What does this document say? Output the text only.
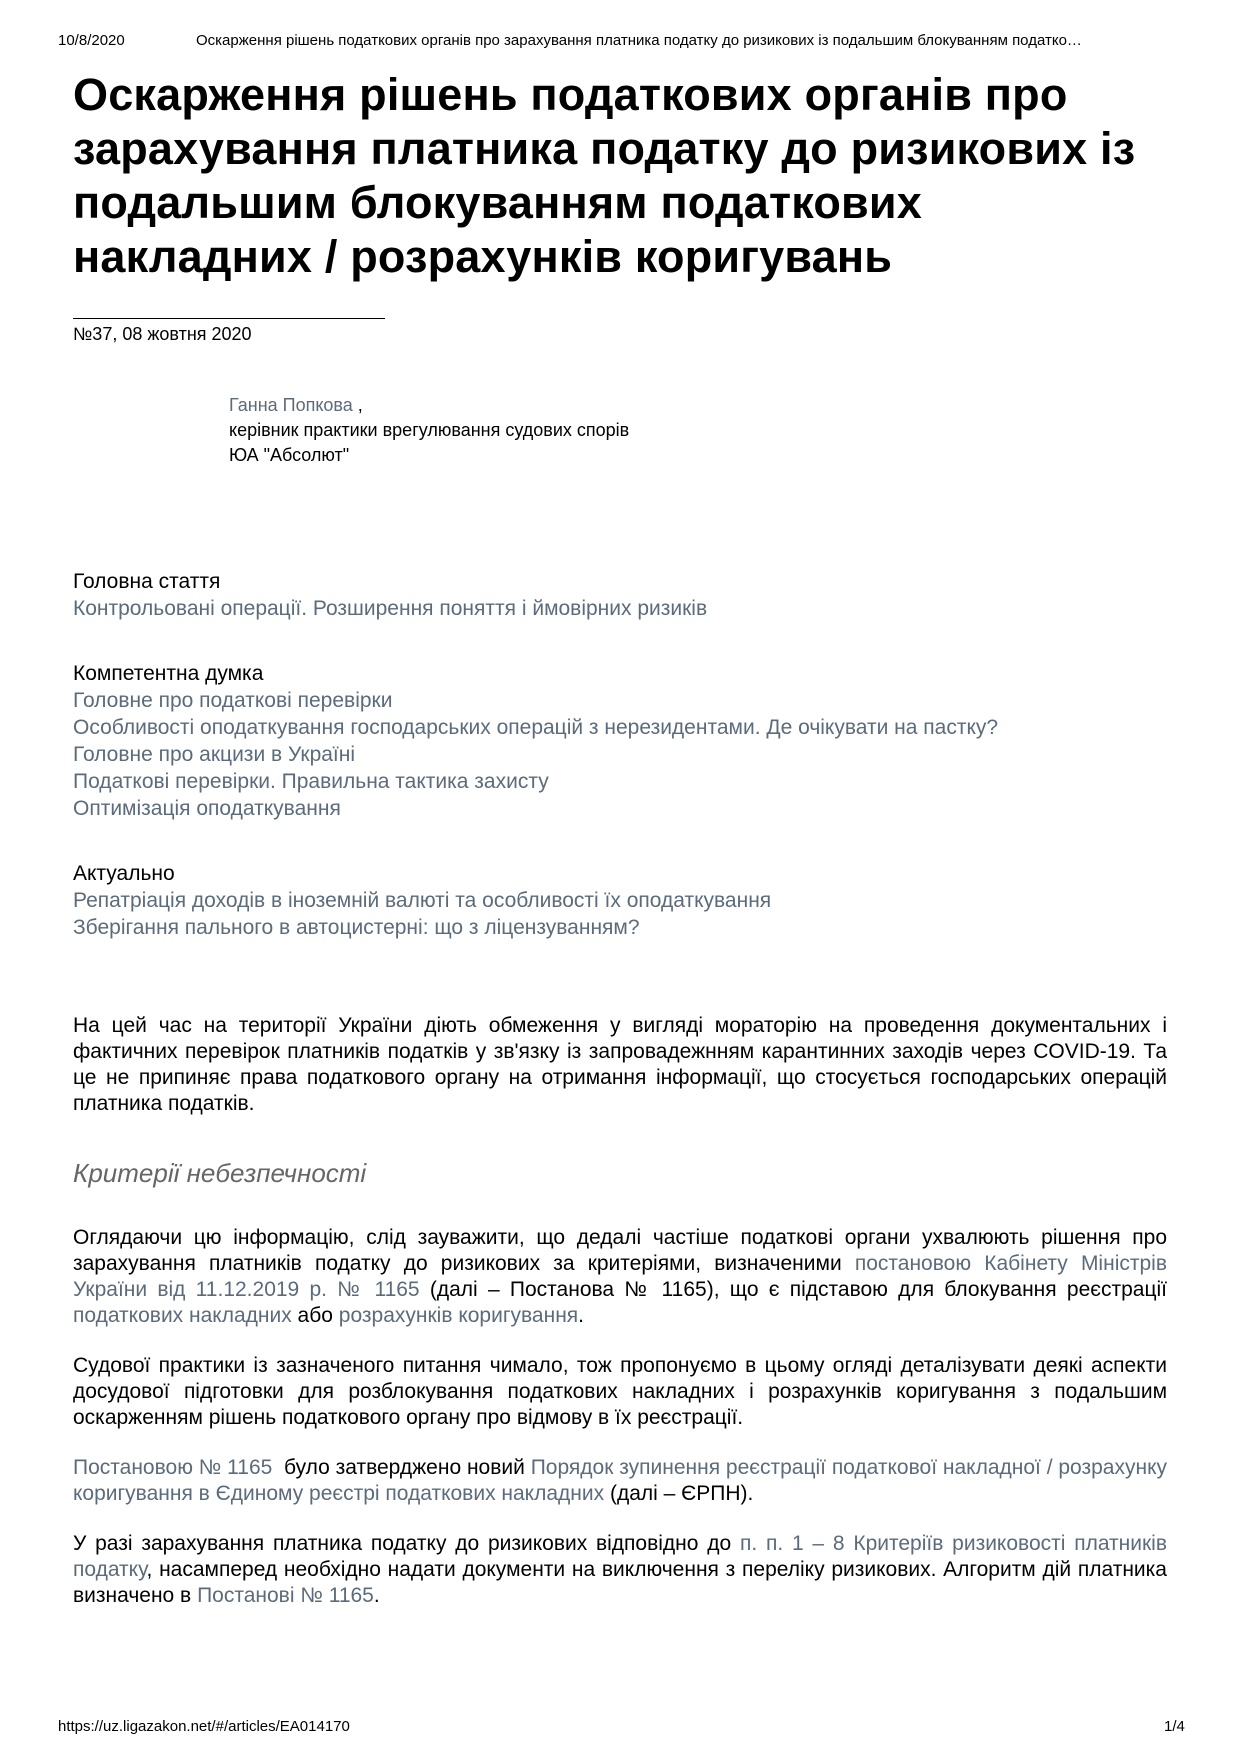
10/8/2020	Оскарження рішень податкових органів про зарахування платника податку до ризикових із подальшим блокуванням податко…
Оскарження рішень податкових органів про зарахування платника податку до ризикових із подальшим блокуванням податкових накладних / розрахунків коригувань
№37, 08 жовтня 2020
Ганна Попкова ,
керівник практики врегулювання судових спорів
ЮА "Абсолют"
Головна стаття
Контрольовані операції. Розширення поняття і ймовірних ризиків
Компетентна думка
Головне про податкові перевірки
Особливості оподаткування господарських операцій з нерезидентами. Де очікувати на пастку?
Головне про акцизи в Україні
Податкові перевірки. Правильна тактика захисту
Оптимізація оподаткування
Актуально
Репатріація доходів в іноземній валюті та особливості їх оподаткування
Зберігання пального в автоцистерні: що з ліцензуванням?

На цей час на території України діють обмеження у вигляді мораторію на проведення документальних і фактичних перевірок платників податків у зв'язку із запровадежнням карантинних заходів через COVID-19. Та це не припиняє права податкового органу на отримання інформації, що стосується господарських операцій платника податків.

Критерії небезпечності

Оглядаючи цю інформацію, слід зауважити, що дедалі частіше податкові органи ухвалюють рішення про зарахування платників податку до ризикових за критеріями, визначеними постановою Кабінету Міністрів України від 11.12.2019 р. № 1165 (далі – Постанова № 1165), що є підставою для блокування реєстрації податкових накладних або розрахунків коригування.

Судової практики із зазначеного питання чимало, тож пропонуємо в цьому огляді деталізувати деякі аспекти досудової підготовки для розблокування податкових накладних і розрахунків коригування з подальшим оскарженням рішень податкового органу про відмову в їх реєстрації.

Постановою № 1165  було затверджено новий Порядок зупинення реєстрації податкової накладної / розрахунку коригування в Єдиному реєстрі податкових накладних (далі – ЄРПН).

У разі зарахування платника податку до ризикових відповідно до п. п. 1 – 8 Критеріїв ризиковості платників податку, насамперед необхідно надати документи на виключення з переліку ризикових. Алгоритм дій платника визначено в Постанові № 1165.

https://uz.ligazakon.net/#/articles/EA014170	1/4
